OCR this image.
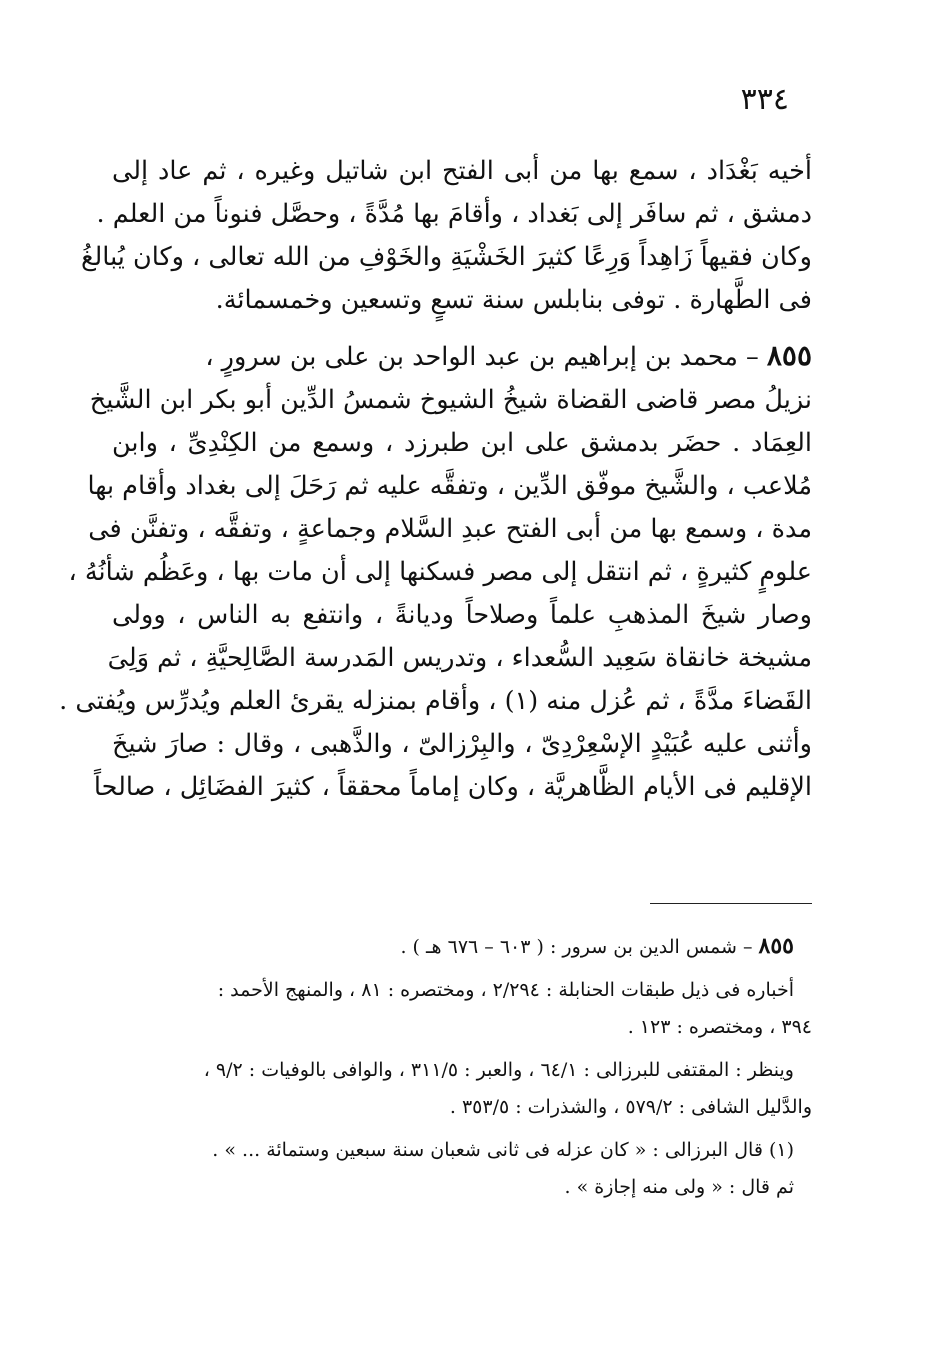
٣٣٤
أخيه بَغْدَاد ، سمع بها من أبى الفتح ابن شاتيل وغيره ، ثم عاد إلى
دمشق ، ثم سافَر إلى بَغداد ، وأقامَ بها مُدَّةً ، وحصَّل فنوناً من العلم .
وكان فقيهاً زَاهِداً وَرِعًا كثيرَ الخَشْيَةِ والخَوْفِ من الله تعالى ، وكان يُبالغُ
فى الطَّهارة . توفى بنابلس سنة تسعٍ وتسعين وخمسمائة.
٨٥٥ – محمد بن إبراهيم بن عبد الواحد بن على بن سرورٍ ،
نزيلُ مصر قاضى القضاة شيخُ الشيوخ شمسُ الدِّين أبو بكر ابن الشَّيخ
العِمَاد . حضَر بدمشق على ابن طبرزد ، وسمع من الكِنْدِىِّ ، وابن
مُلاعب ، والشَّيخ موفّق الدِّين ، وتفقَّه عليه ثم رَحَلَ إلى بغداد وأقام بها
مدة ، وسمع بها من أبى الفتح عبدِ السَّلام وجماعةٍ ، وتفقَّه ، وتفنَّن فى
علومٍ كثيرةٍ ، ثم انتقل إلى مصر فسكنها إلى أن مات بها ، وعَظُم شأنُهُ ،
وصار شيخَ المذهبِ علماً وصلاحاً وديانةً ، وانتفع به الناس ، وولى
مشيخة خانقاة سَعِيد السُّعداء ، وتدريس المَدرسة الصَّالِحيَّةِ ، ثم وَلِىَ
القَضاءَ مدَّةً ، ثم عُزل منه (١) ، وأقام بمنزله يقرئ العلم ويُدرِّس ويُفتى .
وأثنى عليه عُبَيْدٍ الإسْعِرْدِىّ ، والبِرْزالىّ ، والذَّهبى ، وقال : صارَ شيخَ
الإقليم فى الأيام الظَّاهريَّة ، وكان إماماً محققاً ، كثيرَ الفضَائِل ، صالحاً
٨٥٥ – شمس الدين بن سرور : ( ٦٠٣ – ٦٧٦ هـ ) .
أخباره فى ذيل طبقات الحنابلة : ٢/٢٩٤ ، ومختصره : ٨١ ، والمنهج الأحمد :
٣٩٤ ، ومختصره : ١٢٣ .
وينظر : المقتفى للبرزالى : ٦٤/١ ، والعبر : ٣١١/٥ ، والوافى بالوفيات : ٩/٢ ،
والدَّليل الشافى : ٥٧٩/٢ ، والشذرات : ٣٥٣/٥ .
(١) قال البرزالى : « كان عزله فى ثانى شعبان سنة سبعين وستمائة ... » .
ثم قال : « ولى منه إجازة » .
